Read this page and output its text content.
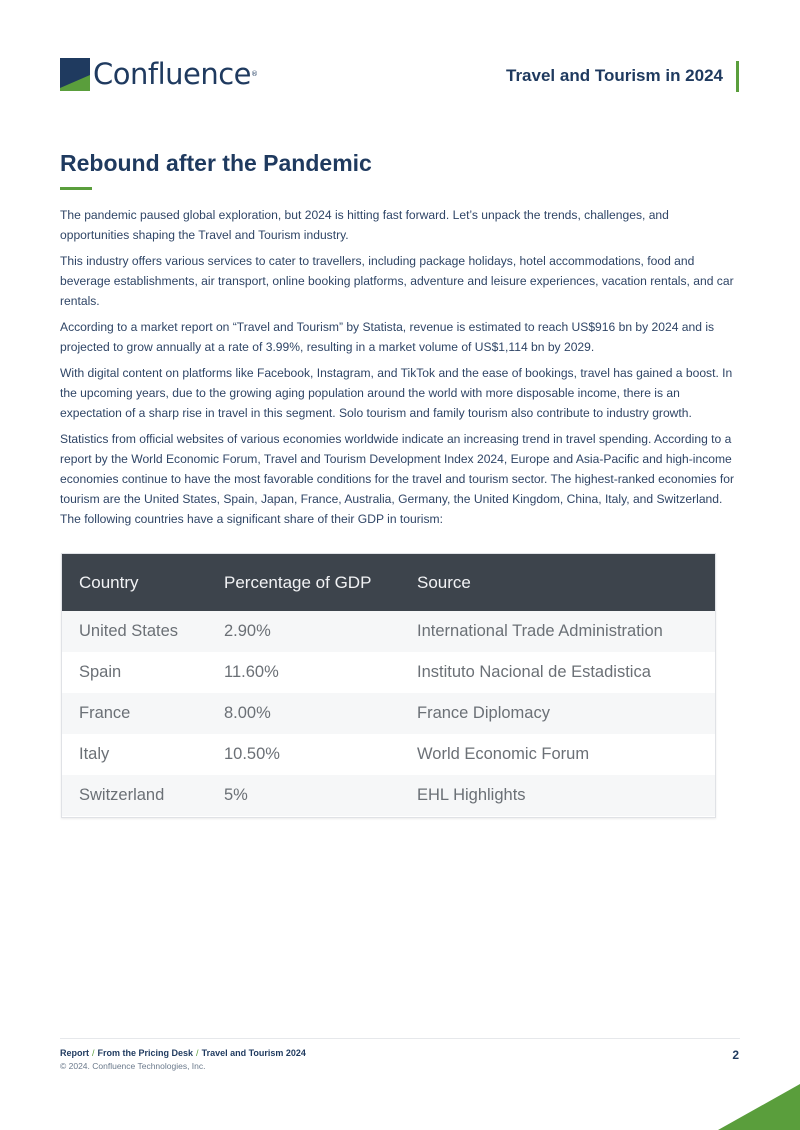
Confluence®	Travel and Tourism in 2024
Rebound after the Pandemic

The pandemic paused global exploration, but 2024 is hitting fast forward. Let’s unpack the trends, challenges, and opportunities shaping the Travel and Tourism industry.

This industry offers various services to cater to travellers, including package holidays, hotel accommodations, food and beverage establishments, air transport, online booking platforms, adventure and leisure experiences, vacation rentals, and car rentals.

According to a market report on “Travel and Tourism” by Statista, revenue is estimated to reach US$916 bn by 2024 and is projected to grow annually at a rate of 3.99%, resulting in a market volume of US$1,114 bn by 2029.

With digital content on platforms like Facebook, Instagram, and TikTok and the ease of bookings, travel has gained a boost. In the upcoming years, due to the growing aging population around the world with more disposable income, there is an expectation of a sharp rise in travel in this segment. Solo tourism and family tourism also contribute to industry growth.

Statistics from official websites of various economies worldwide indicate an increasing trend in travel spending. According to a report by the World Economic Forum, Travel and Tourism Development Index 2024, Europe and Asia-Pacific and high-income economies continue to have the most favorable conditions for the travel and tourism sector. The highest-ranked economies for tourism are the United States, Spain, Japan, France, Australia, Germany, the United Kingdom, China, Italy, and Switzerland. The following countries have a significant share of their GDP in tourism:

Country	Percentage of GDP	Source
United States	2.90%	International Trade Administration
Spain	11.60%	Instituto Nacional de Estadistica
France	8.00%	France Diplomacy
Italy	10.50%	World Economic Forum
Switzerland	5%	EHL Highlights
Report / From the Pricing Desk / Travel and Tourism 2024
© 2024. Confluence Technologies, Inc.
2
